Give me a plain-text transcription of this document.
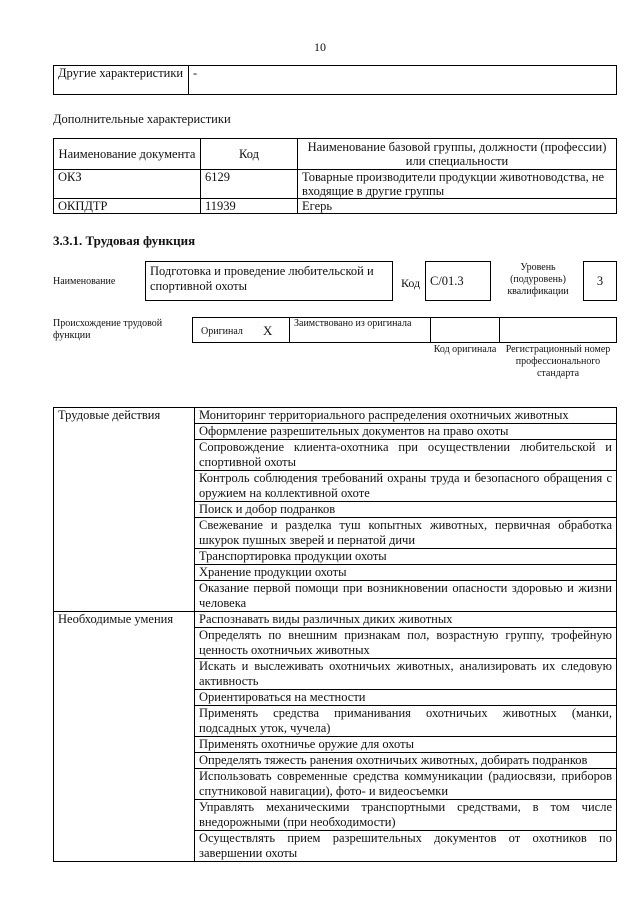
10
Другие характеристики	-
Дополнительные характеристики
Наименование документа	Код	Наименование базовой группы, должности (профессии) или специальности
ОКЗ	6129	Товарные производители продукции животноводства, не входящие в другие группы
ОКПДТР	11939	Егерь
3.3.1. Трудовая функция
Наименование
Подготовка и проведение любительской и спортивной охоты	Код C/01.3
Уровень (подуровень) квалификации
3
Происхождение трудовой функции	Оригинал X Заимствовано из оригинала
Код оригинала Регистрационный номер профессионального стандарта
Трудовые действия	Мониторинг территориального распределения охотничьих животных
	Оформление разрешительных документов на право охоты
	Сопровождение клиента-охотника при осуществлении любительской и спортивной охоты
	Контроль соблюдения требований охраны труда и безопасного обращения с оружием на коллективной охоте
	Поиск и добор подранков
	Свежевание и разделка туш копытных животных, первичная обработка шкурок пушных зверей и пернатой дичи
	Транспортировка продукции охоты
	Хранение продукции охоты
	Оказание первой помощи при возникновении опасности здоровью и жизни человека
Необходимые умения	Распознавать виды различных диких животных
	Определять по внешним признакам пол, возрастную группу, трофейную ценность охотничьих животных
	Искать и выслеживать охотничьих животных, анализировать их следовую активность
	Ориентироваться на местности
	Применять средства приманивания охотничьих животных (манки, подсадных уток, чучела)
	Применять охотничье оружие для охоты
	Определять тяжесть ранения охотничьих животных, добирать подранков
	Использовать современные средства коммуникации (радиосвязи, приборов спутниковой навигации), фото- и видеосъемки
	Управлять механическими транспортными средствами, в том числе внедорожными (при необходимости)
	Осуществлять прием разрешительных документов от охотников по завершении охоты
